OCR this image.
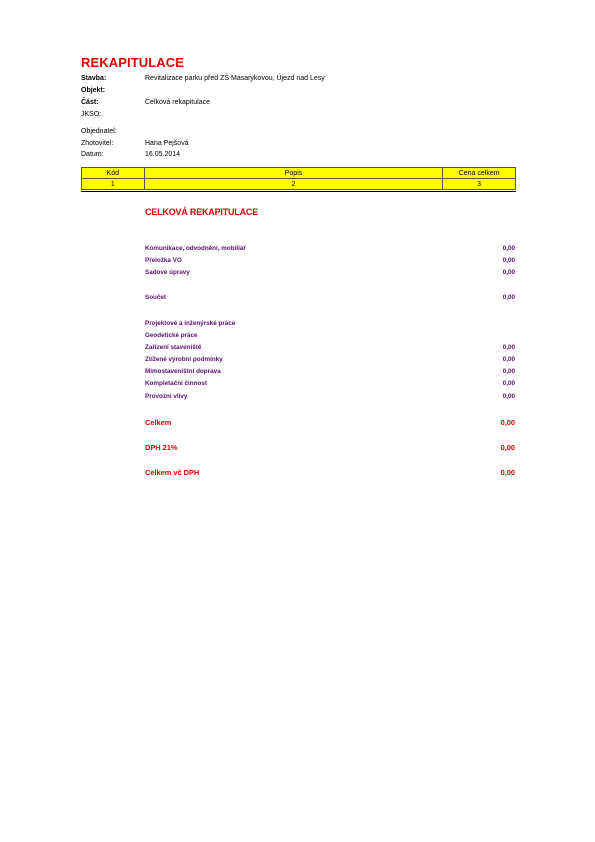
REKAPITULACE
Stavba:	Revitalizace parku před ZŠ Masarykovou, Újezd nad Lesy
Objekt:
Část:	Celková rekapitulace
JKSO:
Objednatel:
Zhotovitel:	Hana Pejšová
Datum:	16.05.2014
Kód	Popis	Cena celkem
1	2	3
CELKOVÁ REKAPITULACE
Komunikace, odvodnění, mobiliář	0,00
Přeložka VO	0,00
Sadové úpravy	0,00
Součet	0,00
Projektové a inženýrské práce
Geodetické práce
Zařízení staveniště	0,00
Ztížené výrobní podmínky	0,00
Mimostaveništní doprava	0,00
Kompletační činnost	0,00
Provozní vlivy	0,00
Celkem	0,00
DPH 21%	0,00
Celkem vč DPH	0,00
